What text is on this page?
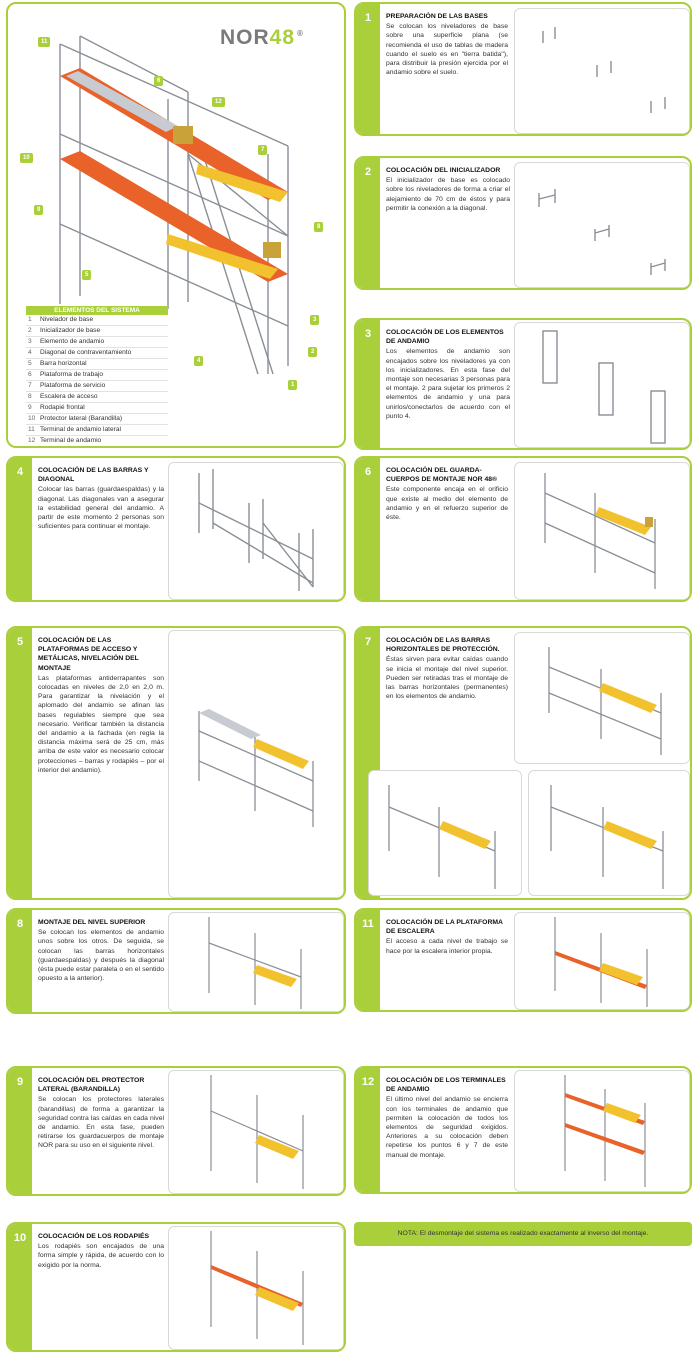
NOR48 ®
11
6
12
10
7
9
8
5
3
2
4
1
ELEMENTOS DEL SISTEMA
1	Nivelador de base
2	Inicializador de base
3	Elemento de andamio
4	Diagonal de contraventamiento
5	Barra horizontal
6	Plataforma de trabajo
7	Plataforma de servicio
8	Escalera de acceso
9	Rodapié frontal
10 Protector lateral (Barandilla)
11 Terminal de andamio lateral
12 Terminal de andamio
1	PREPARACIÓN DE LAS BASES
Se colocan los niveladores de base sobre una superficie plana (se recomienda el uso de tablas de madera cuando el suelo es en "tierra batida"), para distribuir la presión ejercida por el andamio sobre el suelo.
2	COLOCACIÓN DEL INICIALIZADOR
El inicializador de base es colocado sobre los niveladores de forma a criar el alejamiento de 70 cm de éstos y para permitir la conexión a la diagonal.
3	COLOCACIÓN DE LOS ELEMENTOS DE ANDAMIO
Los elementos de andamio son encajados sobre los niveladores ya con los inicializadores. En esta fase del montaje son necesarias 3 personas para el montaje. 2 para sujetar los primeros 2 elementos de andamio y una para unirlos/conectarlos de acuerdo con el punto 4.
4	COLOCACIÓN DE LAS BARRAS Y DIAGONAL
Colocar las barras (guardaespaldas) y la diagonal. Las diagonales van a asegurar la estabilidad general del andamio. A partir de este momento 2 personas son suficientes para continuar el montaje.
6	COLOCACIÓN DEL GUARDA-CUERPOS DE MONTAJE NOR 48®
Este componente encaja en el orificio que existe al medio del elemento de andamio y en el refuerzo superior de éste.
5	COLOCACIÓN DE LAS PLATAFORMAS DE ACCESO Y METÁLICAS, NIVELACIÓN DEL MONTAJE
Las plataformas antiderrapantes son colocadas en niveles de 2,0 en 2,0 m. Para garantizar la nivelación y el aplomado del andamio se afinan las bases regulables siempre que sea necesario. Verificar también la distancia del andamio a la fachada (en regla la distancia máxima será de 25 cm, más arriba de este valor es necesario colocar protecciones – barras y rodapiés – por el interior del andamio).
7	COLOCACIÓN DE LAS BARRAS HORIZONTALES DE PROTECCIÓN.
Éstas sirven para evitar caídas cuando se inicia el montaje del nivel superior. Pueden ser retiradas tras el montaje de las barras horizontales (permanentes) en los elementos de andamio.
8	MONTAJE DEL NIVEL SUPERIOR
Se colocan los elementos de andamio unos sobre los otros. De seguida, se colocan las barras horizontales (guardaespaldas) y después la diagonal (ésta puede estar paralela o en el sentido opuesto a la anterior).
11	COLOCACIÓN DE LA PLATAFORMA DE ESCALERA
El acceso a cada nivel de trabajo se hace por la escalera interior propia.
9	COLOCACIÓN DEL PROTECTOR LATERAL (BARANDILLA)
Se colocan los protectores laterales (barandillas) de forma a garantizar la seguridad contra las caídas en cada nivel de andamio. En esta fase, pueden retirarse los guardacuerpos de montaje NOR para su uso en el siguiente nivel.
12	COLOCACIÓN DE LOS TERMINALES DE ANDAMIO
El último nivel del andamio se encierra con los terminales de andamio que permiten la colocación de todos los elementos de seguridad exigidos. Anteriores a su colocación deben repetirse los puntos 6 y 7 de este manual de montaje.
10	COLOCACIÓN DE LOS RODAPIÉS
Los rodapiés son encajados de una forma simple y rápida, de acuerdo con lo exigido por la norma.
NOTA: El desmontaje del sistema es realizado exactamente al inverso del montaje.
